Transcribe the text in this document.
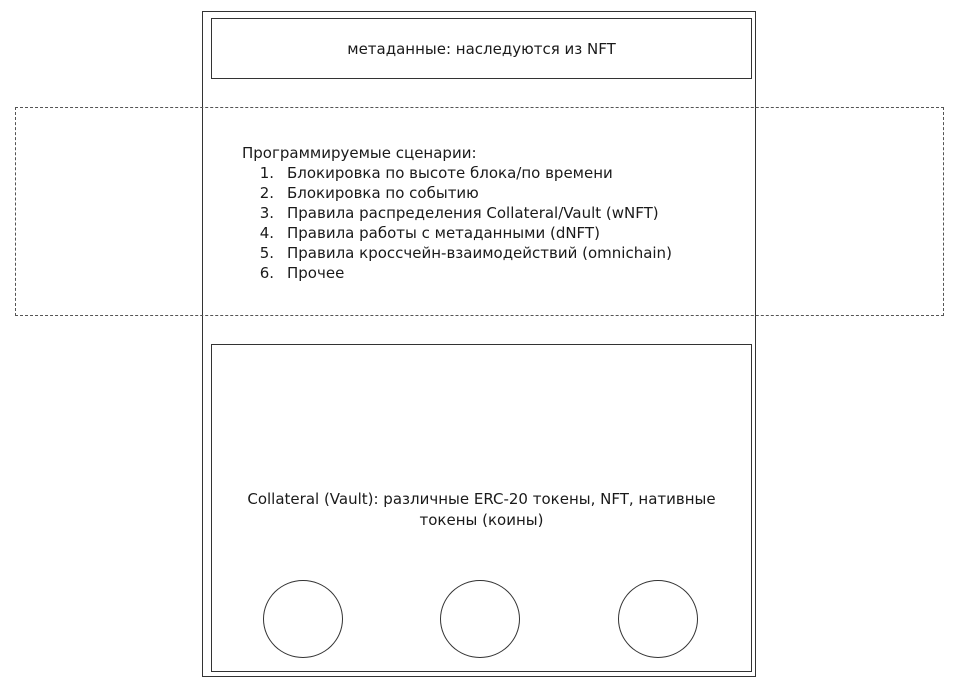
метаданные: наследуются из NFT

Программируемые сценарии:

1. Блокировка по высоте блока/по времени
2. Блокировка по событию
3. Правила распределения Collateral/Vault (wNFT)
4. Правила работы с метаданными (dNFT)
5. Правила кроссчейн-взаимодействий (omnichain)
6. Прочее
Collateral (Vault): различные ERC-20 токены, NFT, нативные
токены (коины)
